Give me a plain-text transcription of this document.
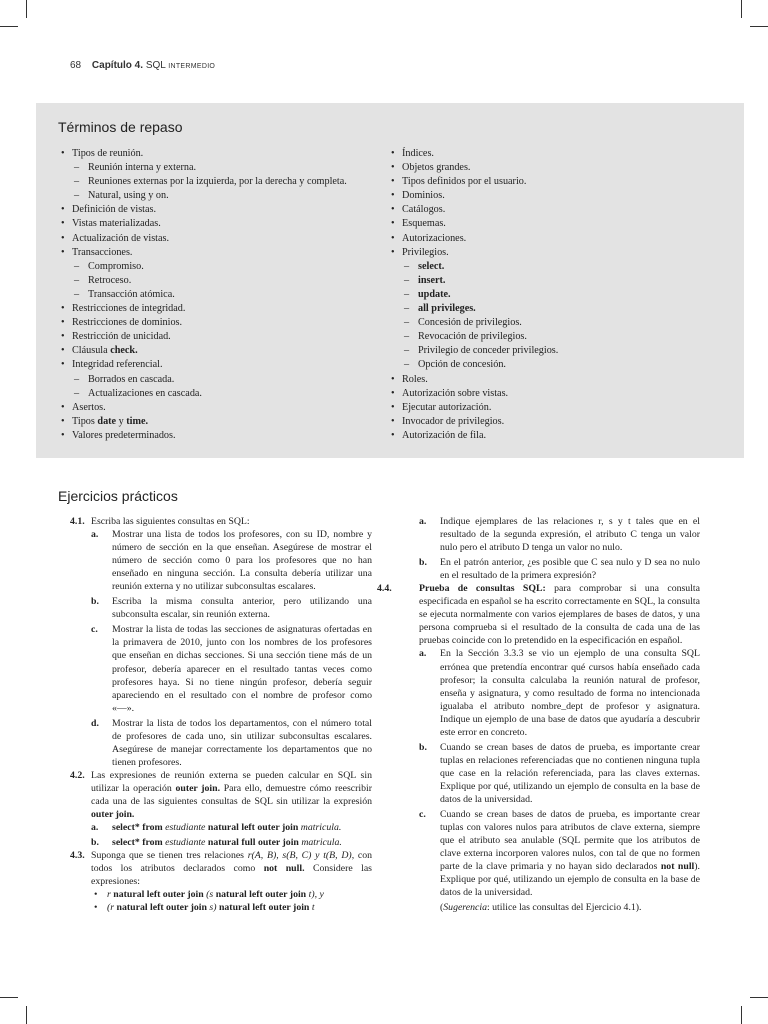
68 Capítulo 4. SQL INTERMEDIO
Términos de repaso
• Tipos de reunión.
– Reunión interna y externa.
– Reuniones externas por la izquierda, por la derecha y completa.
– Natural, using y on.
• Definición de vistas.
• Vistas materializadas.
• Actualización de vistas.
• Transacciones.
– Compromiso.
– Retroceso.
– Transacción atómica.
• Restricciones de integridad.
• Restricciones de dominios.
• Restricción de unicidad.
• Cláusula check.
• Integridad referencial.
– Borrados en cascada.
– Actualizaciones en cascada.
• Asertos.
• Tipos date y time.
• Valores predeterminados.
• Índices.
• Objetos grandes.
• Tipos definidos por el usuario.
• Dominios.
• Catálogos.
• Esquemas.
• Autorizaciones.
• Privilegios.
– select.
– insert.
– update.
– all privileges.
– Concesión de privilegios.
– Revocación de privilegios.
– Privilegio de conceder privilegios.
– Opción de concesión.
• Roles.
• Autorización sobre vistas.
• Ejecutar autorización.
• Invocador de privilegios.
• Autorización de fila.
Ejercicios prácticos

4.1. Escriba las siguientes consultas en SQL:

a. Mostrar una lista de todos los profesores, con su ID, nombre y número de sección en la que enseñan. Asegúrese de mostrar el número de sección como 0 para los profesores que no han enseñado en ninguna sección. La consulta debería utilizar una reunión externa y no utilizar subconsultas escalares.
b. Escriba la misma consulta anterior, pero utilizando una subconsulta escalar, sin reunión externa.
c. Mostrar la lista de todas las secciones de asignaturas ofertadas en la primavera de 2010, junto con los nombres de los profesores que enseñan en dichas secciones. Si una sección tiene más de un profesor, debería aparecer en el resultado tantas veces como profesores haya. Si no tiene ningún profesor, debería seguir apareciendo en el resultado con el nombre de profesor como «—».
d. Mostrar la lista de todos los departamentos, con el número total de profesores de cada uno, sin utilizar subconsultas escalares. Asegúrese de manejar correctamente los departamentos que no tienen profesores.

4.2. Las expresiones de reunión externa se pueden calcular en SQL sin utilizar la operación outer join. Para ello, demuestre cómo reescribir cada una de las siguientes consultas de SQL sin utilizar la expresión outer join.

a. select* from estudiante natural left outer join matricula.
b. select* from estudiante natural full outer join matricula.

4.3. Suponga que se tienen tres relaciones r(A, B), s(B, C) y t(B, D), con todos los atributos declarados como not null. Considere las expresiones:

• r natural left outer join (s natural left outer join t), y
• (r natural left outer join s) natural left outer join t

a. Indique ejemplares de las relaciones r, s y t tales que en el resultado de la segunda expresión, el atributo C tenga un valor nulo pero el atributo D tenga un valor no nulo.
b. En el patrón anterior, ¿es posible que C sea nulo y D sea no nulo en el resultado de la primera expresión?

4.4.	Prueba de consultas SQL: para comprobar si una consulta especificada en español se ha escrito correctamente en SQL, la consulta se ejecuta normalmente con varios ejemplares de bases de datos, y una persona comprueba si el resultado de la consulta de cada una de las pruebas coincide con lo pretendido en la especificación en español.

a. En la Sección 3.3.3 se vio un ejemplo de una consulta SQL errónea que pretendía encontrar qué cursos había enseñado cada profesor; la consulta calculaba la reunión natural de profesor, enseña y asignatura, y como resultado de forma no intencionada igualaba el atributo nombre_dept de profesor y asignatura. Indique un ejemplo de una base de datos que ayudaría a descubrir este error en concreto.
b. Cuando se crean bases de datos de prueba, es importante crear tuplas en relaciones referenciadas que no contienen ninguna tupla que case en la relación referenciada, para las claves externas. Explique por qué, utilizando un ejemplo de consulta en la base de datos de la universidad.
c. Cuando se crean bases de datos de prueba, es importante crear tuplas con valores nulos para atributos de clave externa, siempre que el atributo sea anulable (SQL permite que los atributos de clave externa incorporen valores nulos, con tal de que no formen parte de la clave primaria y no hayan sido declarados not null). Explique por qué, utilizando un ejemplo de consulta en la base de datos de la universidad.
(Sugerencia: utilice las consultas del Ejercicio 4.1).
